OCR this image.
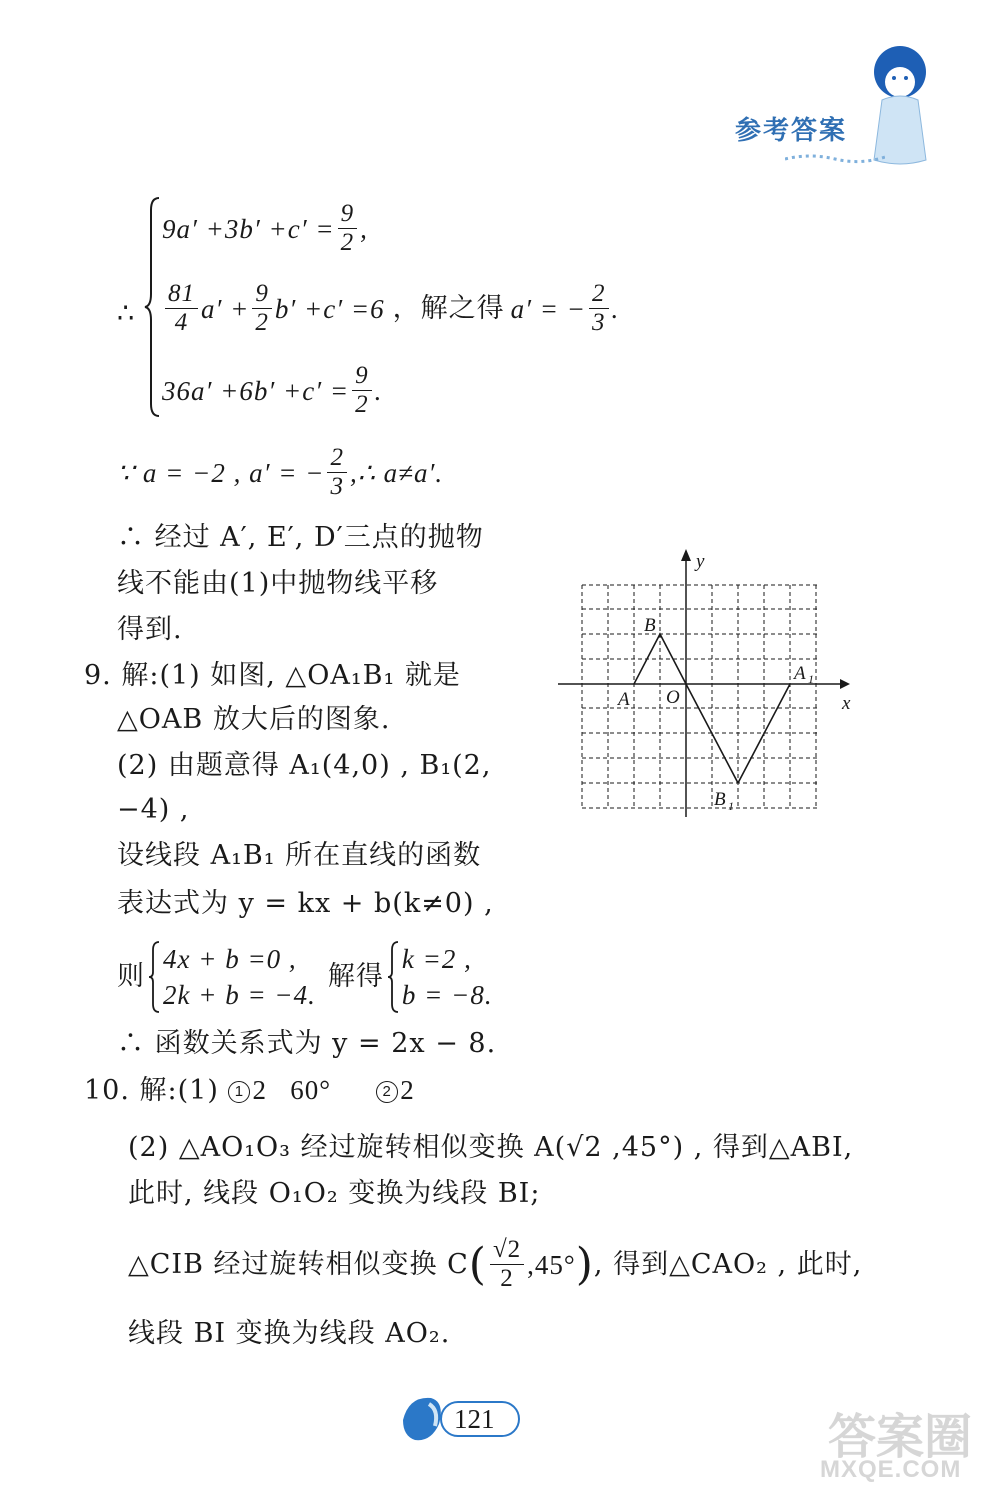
参考答案
∴
$9a' +3b' +c' = \frac{9}{2}$ ,
$\frac{81}{4} a' + \frac{9}{2} b' +c' =6$ ，解之得 a′ = − $\frac{2}{3}$ .
$36a' +6b' +c' = \frac{9}{2}$ .
∵ a = −2 , a′ = − $\frac{2}{3}$ ,∴ a≠a′.
∴ 经过 A′, E′, D′三点的抛物
线不能由(1)中抛物线平移
得到.
9. 解:(1) 如图, △OA₁B₁ 就是
△OAB 放大后的图象.
(2) 由题意得 A₁(4,0) , B₁(2,
−4) ,
设线段 A₁B₁ 所在直线的函数
表达式为 y = kx + b(k≠0) ,
则
4x + b =0 ,
2k + b = −4.
解得
k =2 ,
b = −8.
∴ 函数关系式为 y = 2x − 8.
y
x
B
A O
A 1
B 1
10. 解:(1) 1 2   60°	2 2
(2) △AO₁O₃ 经过旋转相似变换 A(√2 ,45°) , 得到△ABI,
此时, 线段 O₁O₂ 变换为线段 BI;
△CIB 经过旋转相似变换 C ( $\frac{√2}{2} ,45^\circ$ ) , 得到△CAO₂ , 此时,
线段 BI 变换为线段 AO₂.
121	答案圈
MXQE.COM
